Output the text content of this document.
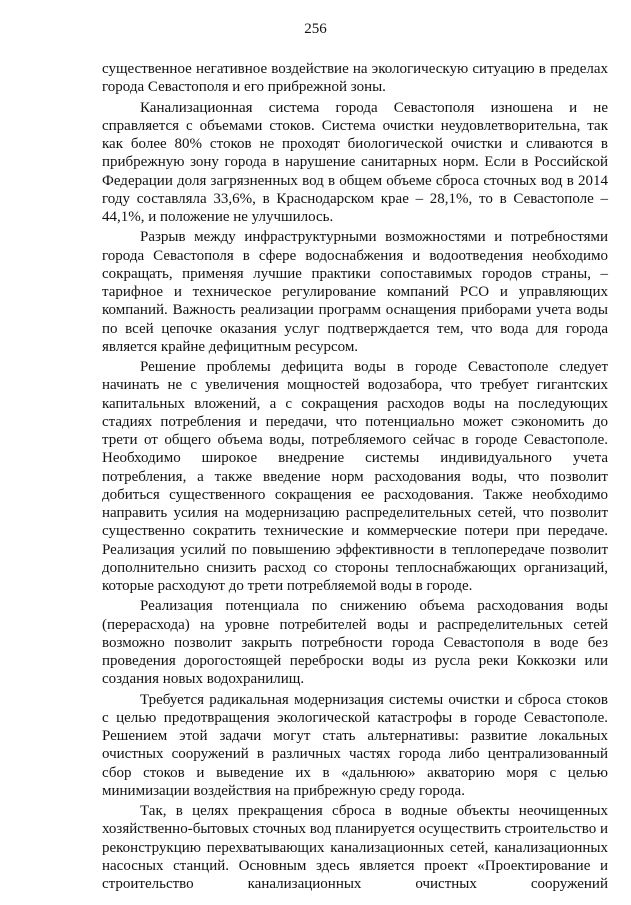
256

существенное негативное воздействие на экологическую ситуацию в пределах города Севастополя и его прибрежной зоны.

Канализационная система города Севастополя изношена и не справляется с объемами стоков. Система очистки неудовлетворительна, так как более 80% стоков не проходят биологической очистки и сливаются в прибрежную зону города в нарушение санитарных норм. Если в Российской Федерации доля загрязненных вод в общем объеме сброса сточных вод в 2014 году составляла 33,6%, в Краснодарском крае – 28,1%, то в Севастополе – 44,1%, и положение не улучшилось.

Разрыв между инфраструктурными возможностями и потребностями города Севастополя в сфере водоснабжения и водоотведения необходимо сокращать, применяя лучшие практики сопоставимых городов страны, – тарифное и техническое регулирование компаний РСО и управляющих компаний. Важность реализации программ оснащения приборами учета воды по всей цепочке оказания услуг подтверждается тем, что вода для города является крайне дефицитным ресурсом.

Решение проблемы дефицита воды в городе Севастополе следует начинать не с увеличения мощностей водозабора, что требует гигантских капитальных вложений, а с сокращения расходов воды на последующих стадиях потребления и передачи, что потенциально может сэкономить до трети от общего объема воды, потребляемого сейчас в городе Севастополе. Необходимо широкое внедрение системы индивидуального учета потребления, а также введение норм расходования воды, что позволит добиться существенного сокращения ее расходования. Также необходимо направить усилия на модернизацию распределительных сетей, что позволит существенно сократить технические и коммерческие потери при передаче. Реализация усилий по повышению эффективности в теплопередаче позволит дополнительно снизить расход со стороны теплоснабжающих организаций, которые расходуют до трети потребляемой воды в городе.

Реализация потенциала по снижению объема расходования воды (перерасхода) на уровне потребителей воды и распределительных сетей возможно позволит закрыть потребности города Севастополя в воде без проведения дорогостоящей переброски воды из русла реки Коккозки или создания новых водохранилищ.

Требуется радикальная модернизация системы очистки и сброса стоков с целью предотвращения экологической катастрофы в городе Севастополе. Решением этой задачи могут стать альтернативы: развитие локальных очистных сооружений в различных частях города либо централизованный сбор стоков и выведение их в «дальнюю» акваторию моря с целью минимизации воздействия на прибрежную среду города.

Так, в целях прекращения сброса в водные объекты неочищенных хозяйственно-бытовых сточных вод планируется осуществить строительство и реконструкцию перехватывающих канализационных сетей, канализационных насосных станций. Основным здесь является проект «Проектирование и строительство канализационных очистных сооружений
